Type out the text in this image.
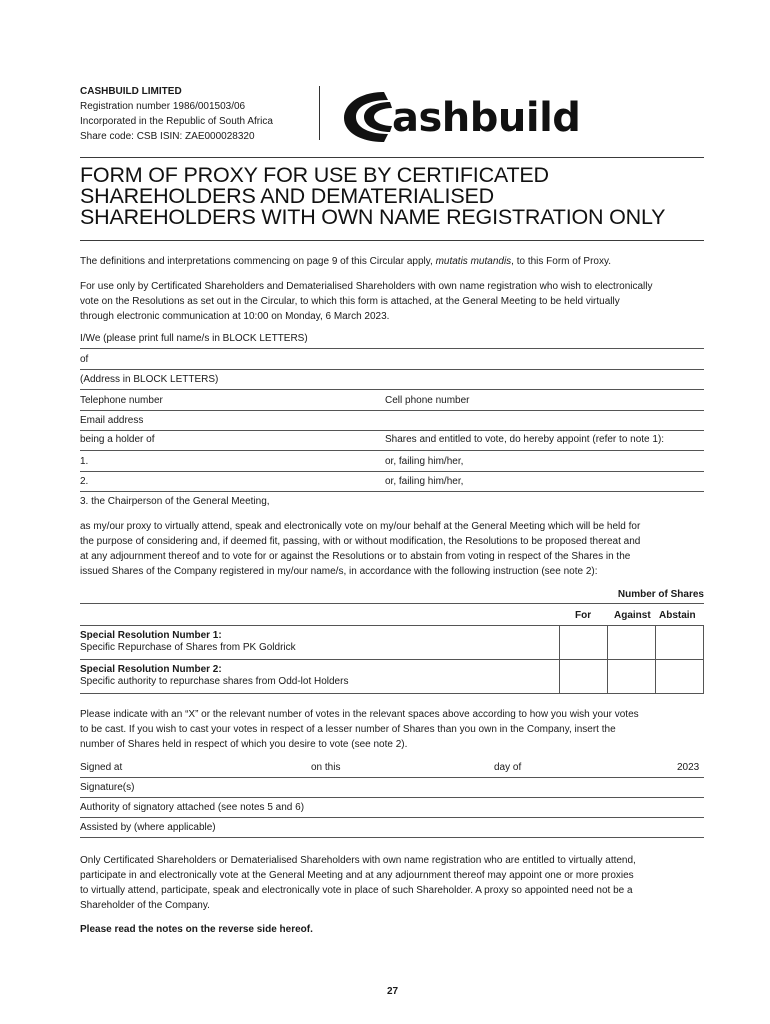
CASHBUILD LIMITED
Registration number 1986/001503/06
Incorporated in the Republic of South Africa
Share code: CSB ISIN: ZAE000028320	ashbuild
FORM OF PROXY FOR USE BY CERTIFICATED
SHAREHOLDERS AND DEMATERIALISED
SHAREHOLDERS WITH OWN NAME REGISTRATION ONLY
The definitions and interpretations commencing on page 9 of this Circular apply, mutatis mutandis, to this Form of Proxy.
For use only by Certificated Shareholders and Dematerialised Shareholders with own name registration who wish to electronically
vote on the Resolutions as set out in the Circular, to which this form is attached, at the General Meeting to be held virtually
through electronic communication at 10:00 on Monday, 6 March 2023.
I/We (please print full name/s in BLOCK LETTERS)
of
(Address in BLOCK LETTERS)
Telephone number	Cell phone number
Email address
being a holder of	Shares and entitled to vote, do hereby appoint (refer to note 1):
1.	or, failing him/her,
2.	or, failing him/her,
3. the Chairperson of the General Meeting,
as my/our proxy to virtually attend, speak and electronically vote on my/our behalf at the General Meeting which will be held for
the purpose of considering and, if deemed fit, passing, with or without modification, the Resolutions to be proposed thereat and
at any adjournment thereof and to vote for or against the Resolutions or to abstain from voting in respect of the Shares in the
issued Shares of the Company registered in my/our name/s, in accordance with the following instruction (see note 2):
Number of Shares
For Against Abstain
Special Resolution Number 1:
Specific Repurchase of Shares from PK Goldrick			

Special Resolution Number 2:
Specific authority to repurchase shares from Odd-lot Holders			

Please indicate with an “X” or the relevant number of votes in the relevant spaces above according to how you wish your votes
to be cast. If you wish to cast your votes in respect of a lesser number of Shares than you own in the Company, insert the
number of Shares held in respect of which you desire to vote (see note 2).
Signed at	on this	day of	2023
Signature(s)
Authority of signatory attached (see notes 5 and 6)
Assisted by (where applicable)
Only Certificated Shareholders or Dematerialised Shareholders with own name registration who are entitled to virtually attend,
participate in and electronically vote at the General Meeting and at any adjournment thereof may appoint one or more proxies
to virtually attend, participate, speak and electronically vote in place of such Shareholder. A proxy so appointed need not be a
Shareholder of the Company.
Please read the notes on the reverse side hereof.
27
